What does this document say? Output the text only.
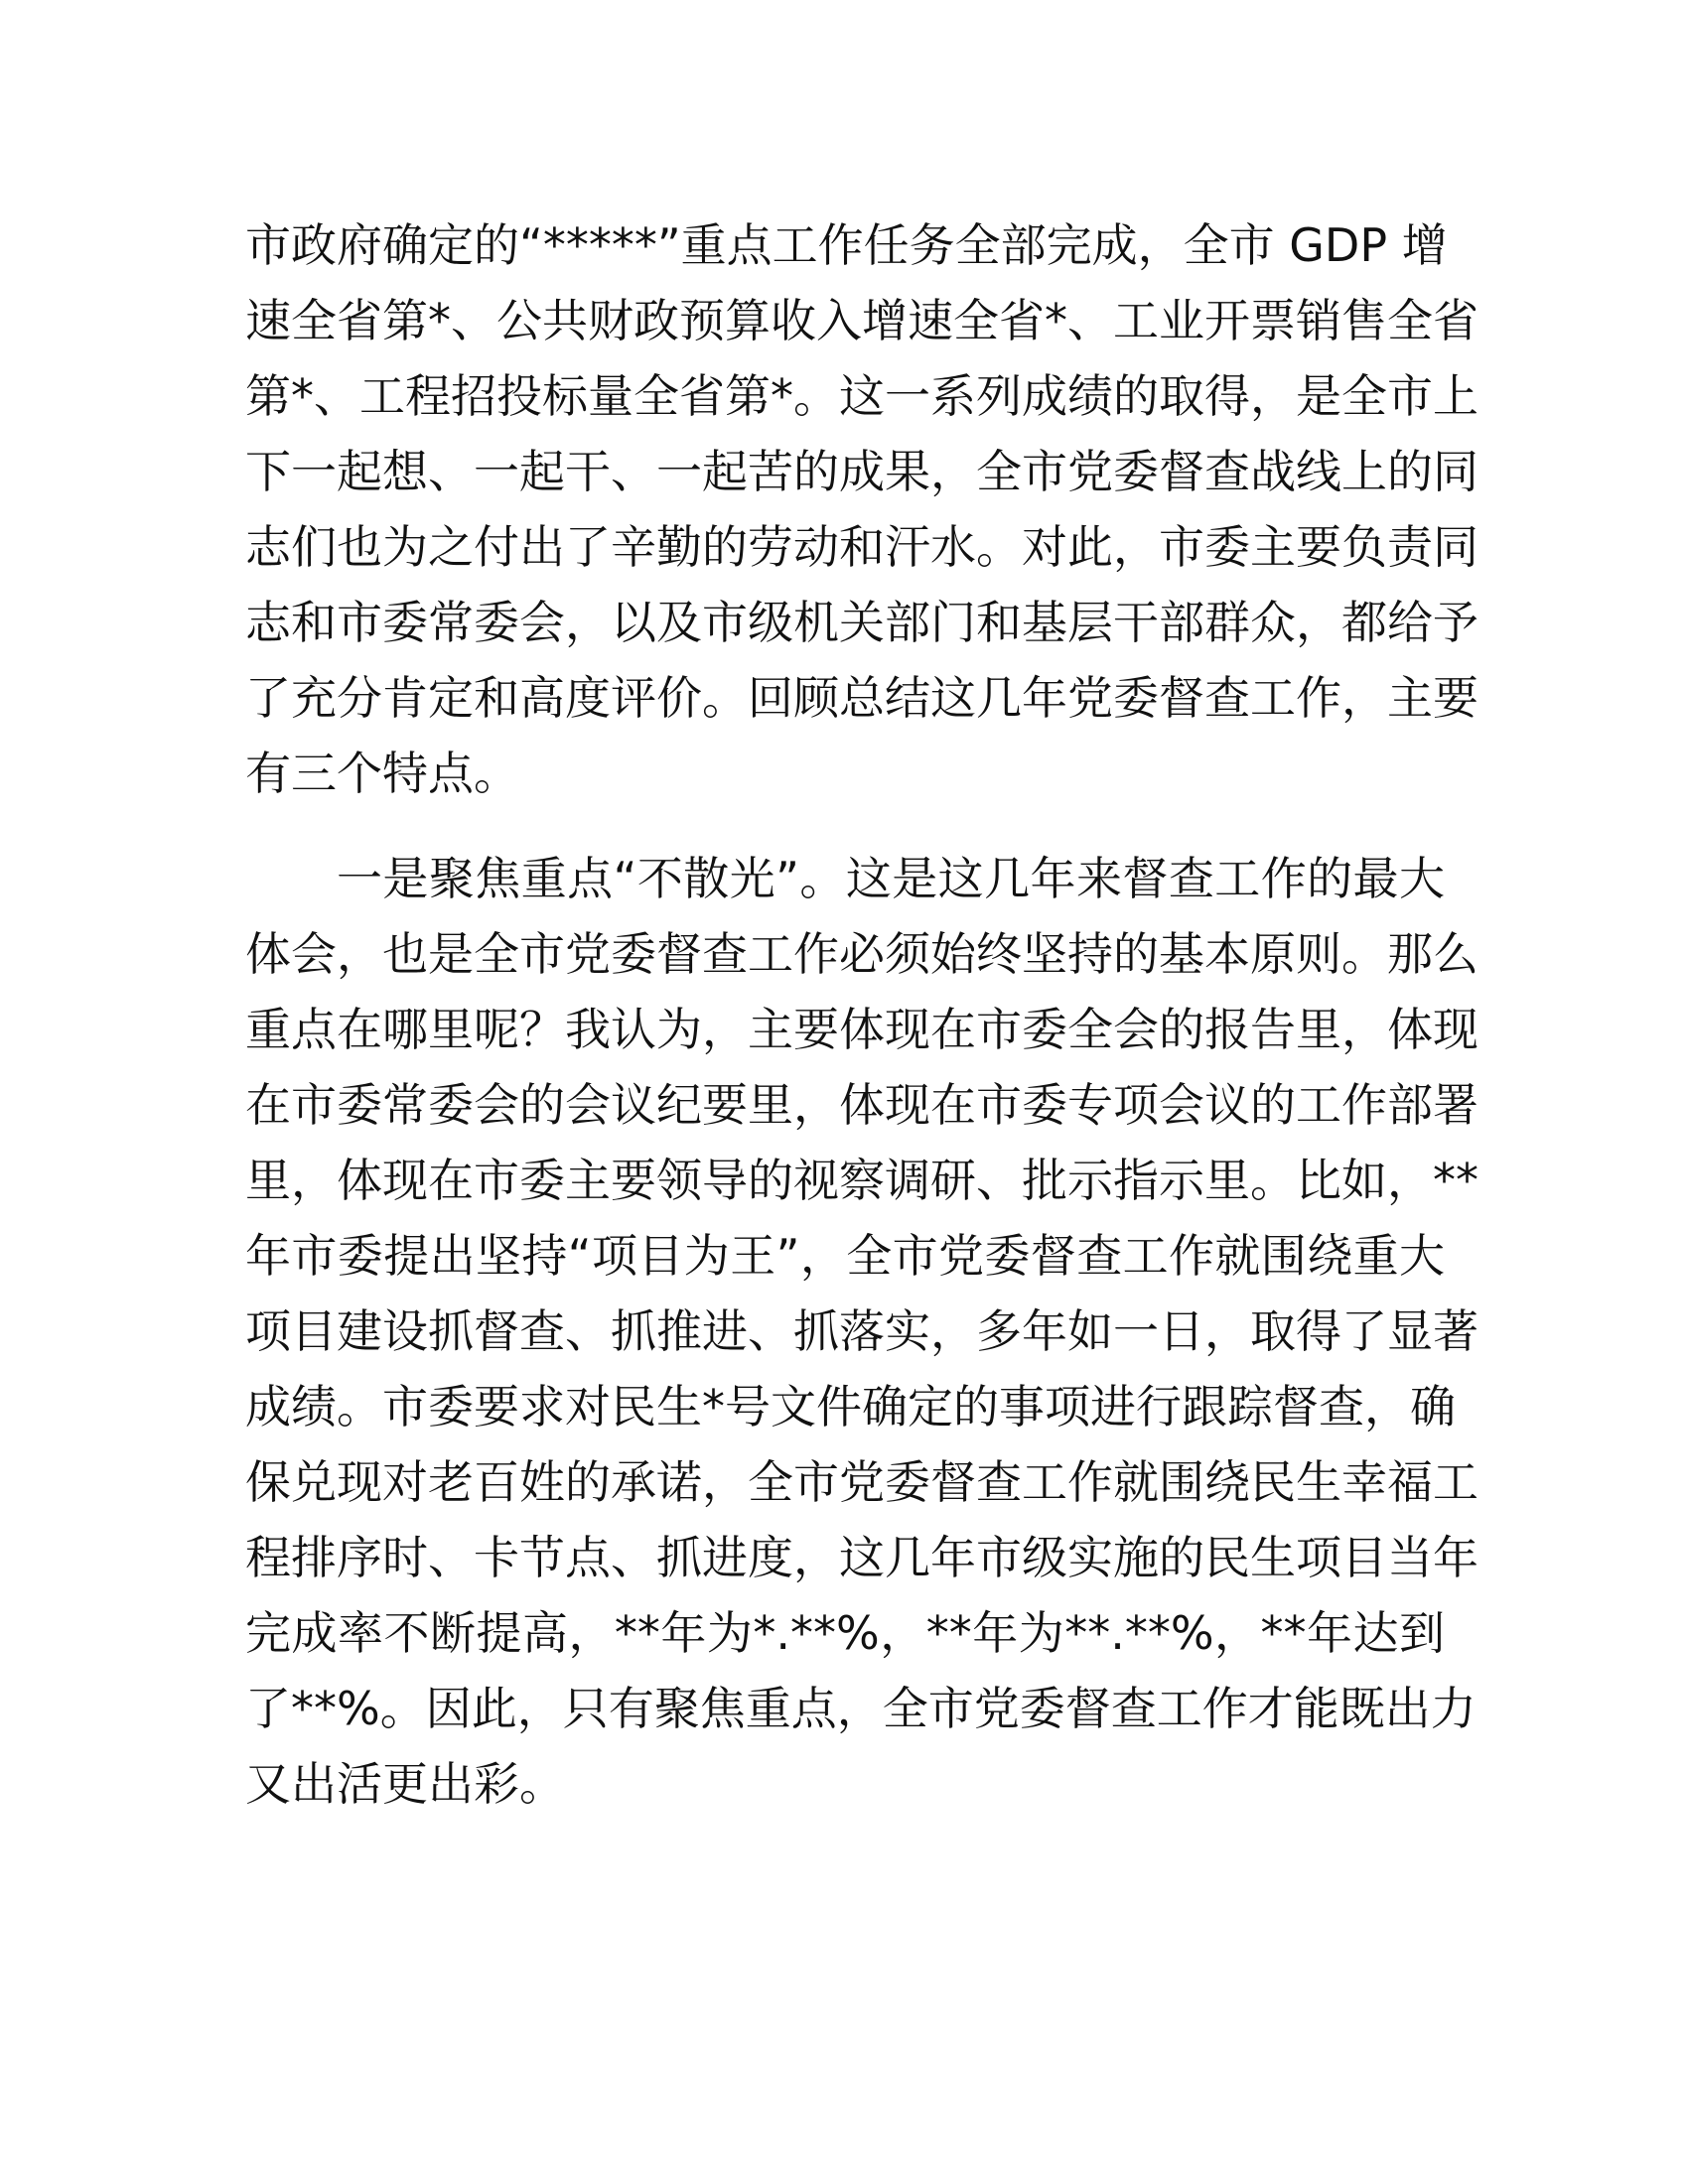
市政府确定的“*****”重点工作任务全部完成，全市 GDP 增
速全省第*、公共财政预算收入增速全省*、工业开票销售全省
第*、工程招投标量全省第*。这一系列成绩的取得，是全市上
下一起想、一起干、一起苦的成果，全市党委督查战线上的同
志们也为之付出了辛勤的劳动和汗水。对此，市委主要负责同
志和市委常委会，以及市级机关部门和基层干部群众，都给予
了充分肯定和高度评价。回顾总结这几年党委督查工作，主要
有三个特点。
一是聚焦重点“不散光”。这是这几年来督查工作的最大
体会，也是全市党委督查工作必须始终坚持的基本原则。那么
重点在哪里呢？我认为，主要体现在市委全会的报告里，体现
在市委常委会的会议纪要里，体现在市委专项会议的工作部署
里，体现在市委主要领导的视察调研、批示指示里。比如，**
年市委提出坚持“项目为王”，全市党委督查工作就围绕重大
项目建设抓督查、抓推进、抓落实，多年如一日，取得了显著
成绩。市委要求对民生*号文件确定的事项进行跟踪督查，确
保兑现对老百姓的承诺，全市党委督查工作就围绕民生幸福工
程排序时、卡节点、抓进度，这几年市级实施的民生项目当年
完成率不断提高，**年为*.**%，**年为**.**%，**年达到
了**%。因此，只有聚焦重点，全市党委督查工作才能既出力
又出活更出彩。
